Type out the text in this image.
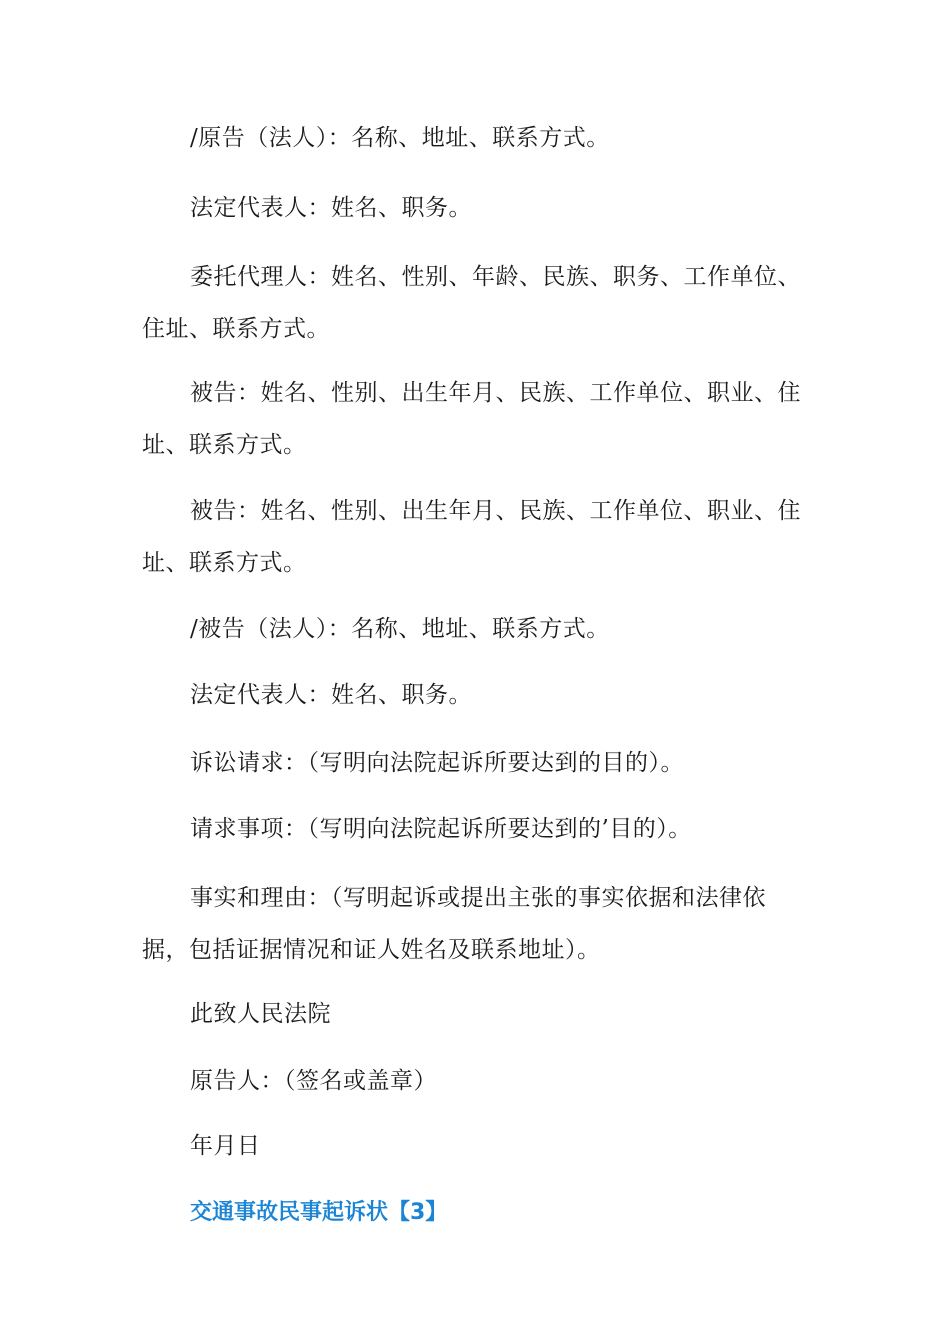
/原告（法人）：名称、地址、联系方式。

法定代表人：姓名、职务。

委托代理人：姓名、性别、年龄、民族、职务、工作单位、住址、联系方式。

被告：姓名、性别、出生年月、民族、工作单位、职业、住址、联系方式。

被告：姓名、性别、出生年月、民族、工作单位、职业、住址、联系方式。

/被告（法人）：名称、地址、联系方式。

法定代表人：姓名、职务。

诉讼请求：（写明向法院起诉所要达到的目的）。

请求事项：（写明向法院起诉所要达到的’目的）。

事实和理由：（写明起诉或提出主张的事实依据和法律依据，包括证据情况和证人姓名及联系地址）。

此致人民法院

原告人：（签名或盖章）

年月日

交通事故民事起诉状【3】
